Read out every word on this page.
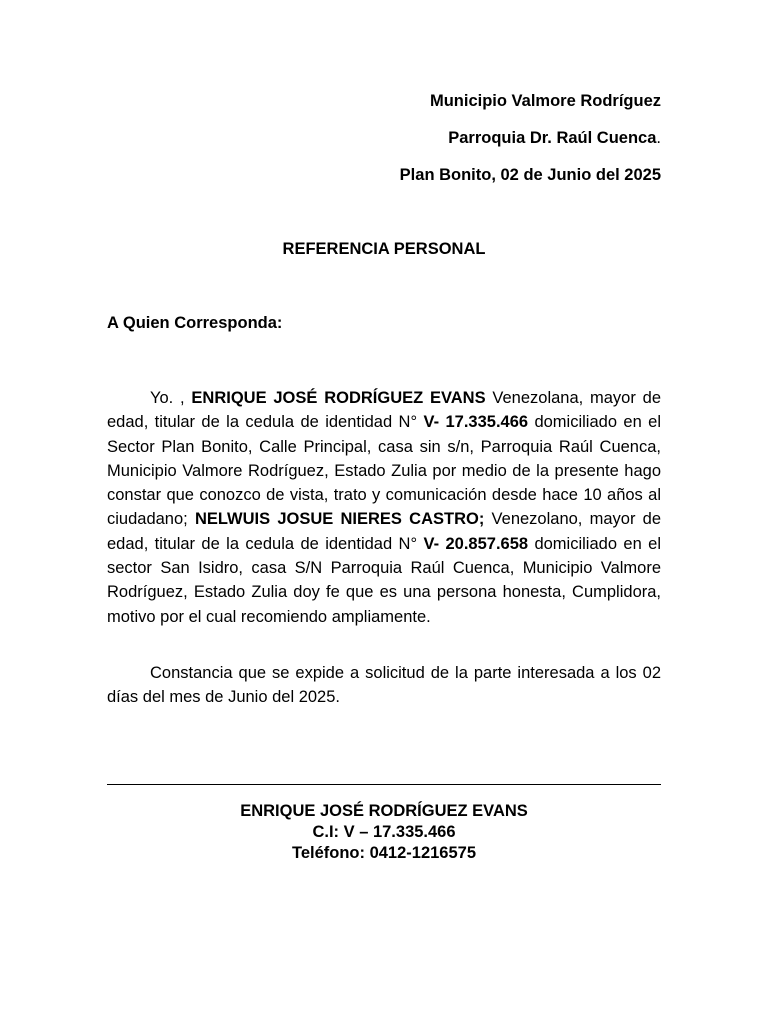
Municipio Valmore Rodríguez
Parroquia Dr. Raúl Cuenca.
Plan Bonito, 02 de Junio del 2025
REFERENCIA PERSONAL
A Quien Corresponda:

Yo. , ENRIQUE JOSÉ RODRÍGUEZ EVANS Venezolana, mayor de edad, titular de la cedula de identidad N° V- 17.335.466 domiciliado en el Sector Plan Bonito, Calle Principal, casa sin s/n, Parroquia Raúl Cuenca, Municipio Valmore Rodríguez, Estado Zulia por medio de la presente hago constar que conozco de vista, trato y comunicación desde hace 10 años al ciudadano; NELWUIS JOSUE NIERES CASTRO; Venezolano, mayor de edad, titular de la cedula de identidad N° V- 20.857.658 domiciliado en el sector San Isidro, casa S/N Parroquia Raúl Cuenca, Municipio Valmore Rodríguez, Estado Zulia doy fe que es una persona honesta, Cumplidora, motivo por el cual recomiendo ampliamente.

Constancia que se expide a solicitud de la parte interesada a los 02 días del mes de Junio del 2025.

ENRIQUE JOSÉ RODRÍGUEZ EVANS
C.I: V – 17.335.466
Teléfono: 0412-1216575
